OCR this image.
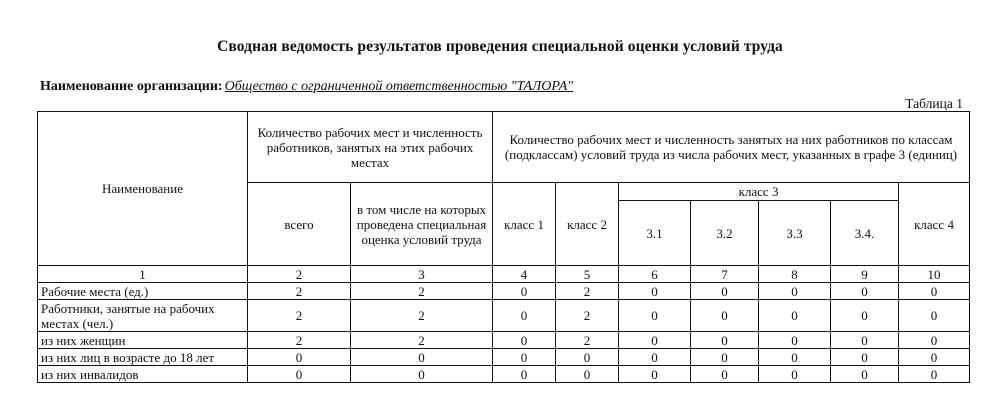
Сводная ведомость результатов проведения специальной оценки условий труда
Наименование организации: Общество с ограниченной ответственностью "ТАЛОРА"
Таблица 1
Наименование	Количество рабочих мест и численность работников, занятых на этих рабочих местах		Количество рабочих мест и численность занятых на них работников по классам (подклассам) условий труда из числа рабочих мест, указанных в графе 3 (единиц)						
	всего	в том числе на которых проведена специальная оценка условий труда	класс 1	класс 2	класс 3				класс 4
					3.1	3.2	3.3	3.4.	
1	2	3	4	5	6	7	8	9	10
Рабочие места (ед.)	2	2	0	2	0	0	0	0	0
Работники, занятые на рабочих местах (чел.)	2	2	0	2	0	0	0	0	0
из них женщин	2	2	0	2	0	0	0	0	0
из них лиц в возрасте до 18 лет	0	0	0	0	0	0	0	0	0
из них инвалидов	0	0	0	0	0	0	0	0	0
